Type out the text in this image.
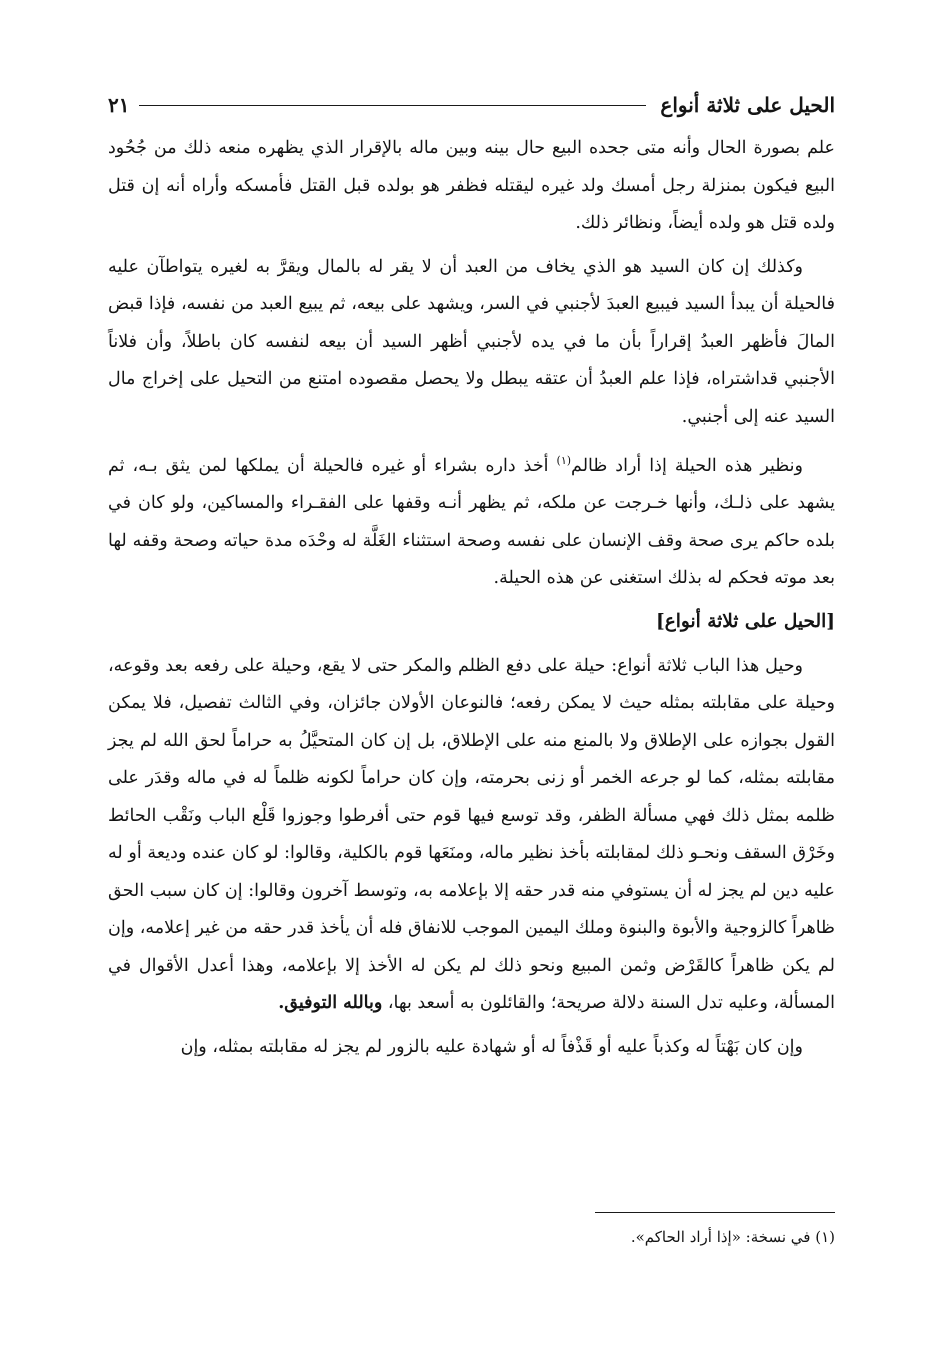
الحيل على ثلاثة أنواع
٢١

علم بصورة الحال وأنه متى جحده البيع حال بينه وبين ماله بالإقرار الذي يظهره منعه ذلك من جُحُود البيع فيكون بمنزلة رجل أمسك ولد غيره ليقتله فظفر هو بولده قبل القتل فأمسكه وأراه أنه إن قتل ولده قتل هو ولده أيضاً، ونظائر ذلك.

وكذلك إن كان السيد هو الذي يخاف من العبد أن لا يقر له بالمال ويقرَّ به لغيره يتواطآن عليه فالحيلة أن يبدأ السيد فيبيع العبدَ لأجنبي في السر، ويشهد على بيعه، ثم يبيع العبد من نفسه، فإذا قبض المالَ فأظهر العبدُ إقراراً بأن ما في يده لأجنبي أظهر السيد أن بيعه لنفسه كان باطلاً، وأن فلاناً الأجنبي قداشتراه، فإذا علم العبدُ أن عتقه يبطل ولا يحصل مقصوده امتنع من التحيل على إخراج مال السيد عنه إلى أجنبي.

ونظير هذه الحيلة إذا أراد ظالم$^{(١)}$ أخذ داره بشراء أو غيره فالحيلة أن يملكها لمن يثق بـه، ثم يشهد على ذلـك، وأنها خـرجت عن ملكه، ثم يظهر أنـه وقفها على الفقـراء والمساكين، ولو كان في بلده حاكم يرى صحة وقف الإنسان على نفسه وصحة استثناء الغَلَّة له وحْدَه مدة حياته وصحة وقفه لها بعد موته فحكم له بذلك استغنى عن هذه الحيلة.

[الحيل على ثلاثة أنواع]

وحيل هذا الباب ثلاثة أنواع: حيلة على دفع الظلم والمكر حتى لا يقع، وحيلة على رفعه بعد وقوعه، وحيلة على مقابلته بمثله حيث لا يمكن رفعه؛ فالنوعان الأولان جائزان، وفي الثالث تفصيل، فلا يمكن القول بجوازه على الإطلاق ولا بالمنع منه على الإطلاق، بل إن كان المتحيَّلُ به حراماً لحق الله لم يجز مقابلته بمثله، كما لو جرعه الخمر أو زنى بحرمته، وإن كان حراماً لكونه ظلماً له في ماله وقدَر على ظلمه بمثل ذلك فهي مسألة الظفر، وقد توسع فيها قوم حتى أفرطوا وجوزوا قَلْع الباب ونَقْب الحائط وخَرْق السقف ونحـو ذلك لمقابلته بأخذ نظير ماله، ومنَعَها قوم بالكلية، وقالوا: لو كان عنده وديعة أو له عليه دين لم يجز له أن يستوفي منه قدر حقه إلا بإعلامه به، وتوسط آخرون وقالوا: إن كان سبب الحق ظاهراً كالزوجية والأبوة والبنوة وملك اليمين الموجب للانفاق فله أن يأخذ قدر حقه من غير إعلامه، وإن لم يكن ظاهراً كالقَرْض وثمن المبيع ونحو ذلك لم يكن له الأخذ إلا بإعلامه، وهذا أعدل الأقوال في المسألة، وعليه تدل السنة دلالة صريحة؛ والقائلون به أسعد بها، وبالله التوفيق.

وإن كان بَهْتاً له وكذباً عليه أو قَذْفاً له أو شهادة عليه بالزور لم يجز له مقابلته بمثله، وإن

(١) في نسخة: «إذا أراد الحاكم».
